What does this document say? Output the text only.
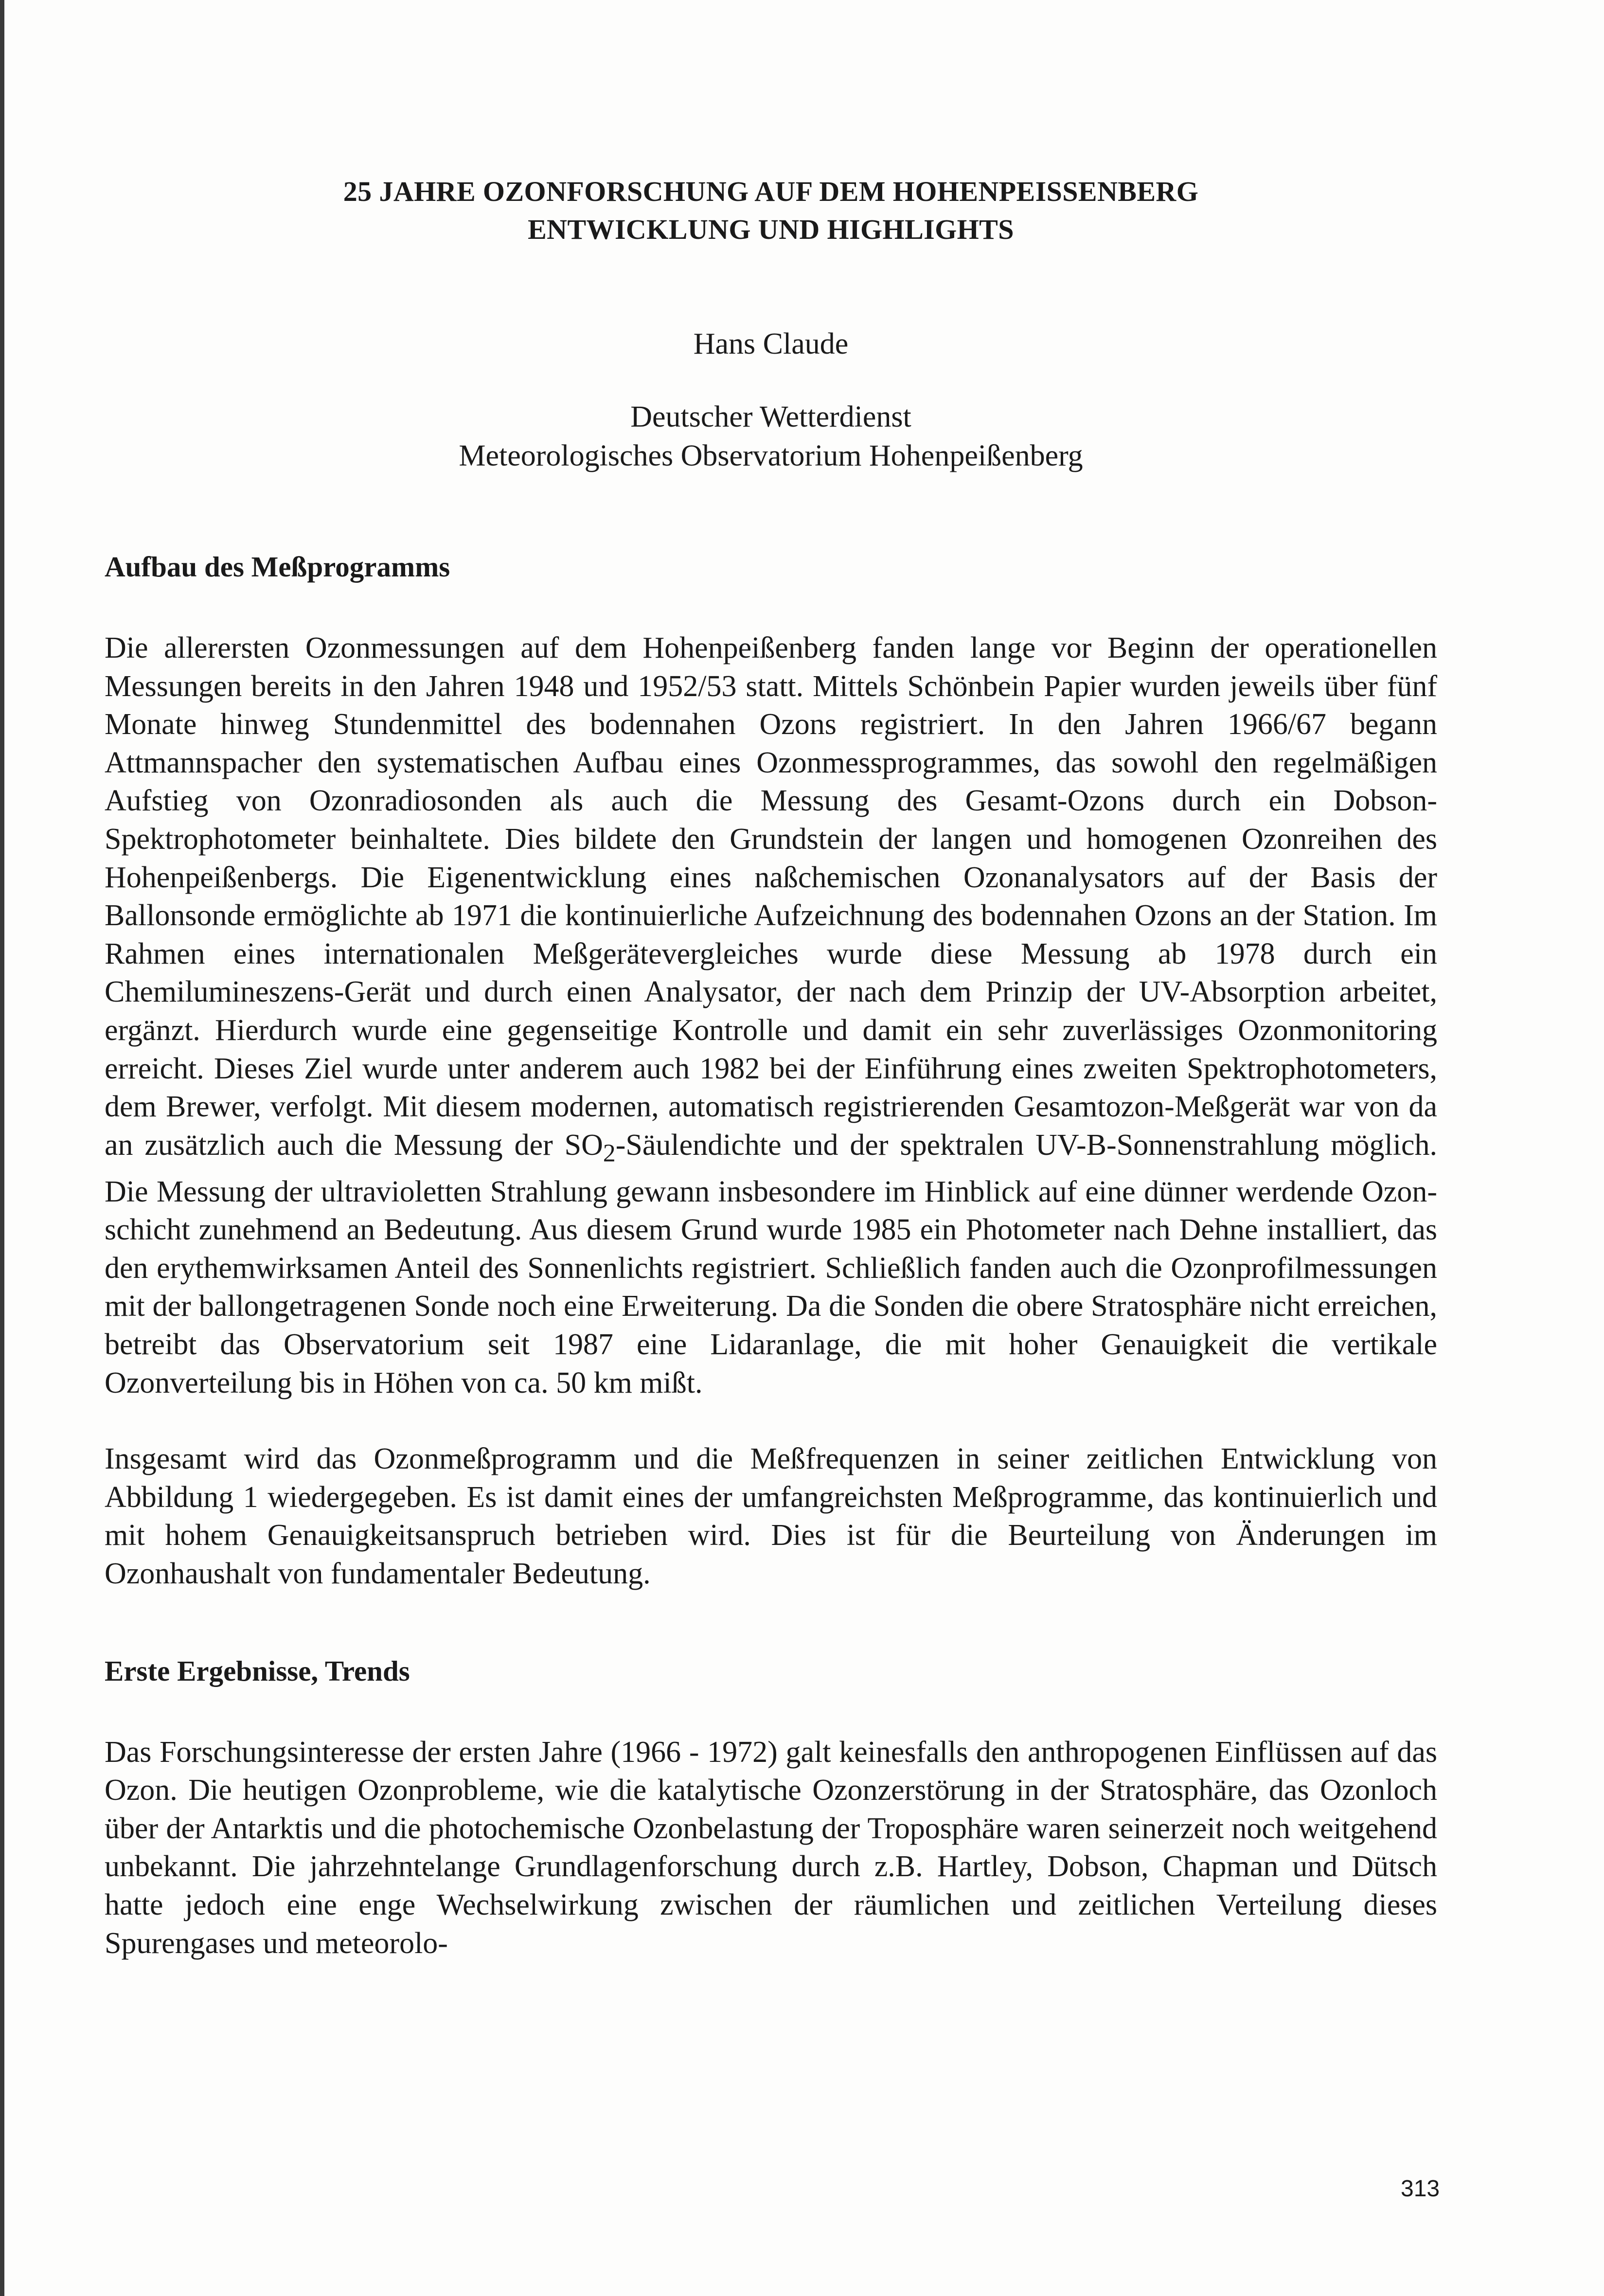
25 JAHRE OZONFORSCHUNG AUF DEM HOHENPEISSENBERG
ENTWICKLUNG UND HIGHLIGHTS
Hans Claude
Deutscher Wetterdienst
Meteorologisches Observatorium Hohenpeißenberg
Aufbau des Meßprogramms

Die allerersten Ozonmessungen auf dem Hohenpeißenberg fanden lange vor Beginn der operationellen Messungen bereits in den Jahren 1948 und 1952/53 statt. Mittels Schönbein Papier wurden jeweils über fünf Monate hinweg Stundenmittel des bodennahen Ozons registriert. In den Jahren 1966/67 begann Attmannspacher den systematischen Aufbau eines Ozonmessprogrammes, das sowohl den regelmäßigen Aufstieg von Ozonradiosonden als auch die Messung des Gesamt-Ozons durch ein Dobson-Spektrophotometer beinhaltete. Dies bildete den Grundstein der langen und homogenen Ozonreihen des Hohenpeißenbergs. Die Eigenentwicklung eines naßchemischen Ozonanalysators auf der Basis der Ballonsonde ermöglichte ab 1971 die kontinuierliche Aufzeichnung des bodennahen Ozons an der Station. Im Rahmen eines internationalen Meßgerätevergleiches wurde diese Messung ab 1978 durch ein Chemilumineszens-Gerät und durch einen Analysator, der nach dem Prinzip der UV-Absorption arbeitet, ergänzt. Hierdurch wurde eine gegenseitige Kontrolle und damit ein sehr zuverlässiges Ozonmonitoring erreicht. Dieses Ziel wurde unter anderem auch 1982 bei der Einführung eines zweiten Spektrophotometers, dem Brewer, verfolgt. Mit diesem modernen, automatisch registrierenden Gesamtozon-Meßgerät war von da an zusätzlich auch die Messung der $SO_2$-Säulendichte und der spektralen UV-B-Sonnenstrahlung möglich. Die Messung der ultravioletten Strahlung gewann insbesondere im Hinblick auf eine dünner werdende Ozonschicht zunehmend an Bedeutung. Aus diesem Grund wurde 1985 ein Photometer nach Dehne installiert, das den erythemwirksamen Anteil des Sonnenlichts registriert. Schließlich fanden auch die Ozonprofilmessungen mit der ballongetragenen Sonde noch eine Erweiterung. Da die Sonden die obere Stratosphäre nicht erreichen, betreibt das Observatorium seit 1987 eine Lidaranlage, die mit hoher Genauigkeit die vertikale Ozonverteilung bis in Höhen von ca. 50 km mißt.

Insgesamt wird das Ozonmeßprogramm und die Meßfrequenzen in seiner zeitlichen Entwicklung von Abbildung 1 wiedergegeben. Es ist damit eines der umfangreichsten Meßprogramme, das kontinuierlich und mit hohem Genauigkeitsanspruch betrieben wird. Dies ist für die Beurteilung von Änderungen im Ozonhaushalt von fundamentaler Bedeutung.

Erste Ergebnisse, Trends

Das Forschungsinteresse der ersten Jahre (1966 - 1972) galt keinesfalls den anthropogenen Einflüssen auf das Ozon. Die heutigen Ozonprobleme, wie die katalytische Ozonzerstörung in der Stratosphäre, das Ozonloch über der Antarktis und die photochemische Ozonbelastung der Troposphäre waren seinerzeit noch weitgehend unbekannt. Die jahrzehntelange Grundlagenforschung durch z.B. Hartley, Dobson, Chapman und Dütsch hatte jedoch eine enge Wechselwirkung zwischen der räumlichen und zeitlichen Verteilung dieses Spurengases und meteorolo-

313
